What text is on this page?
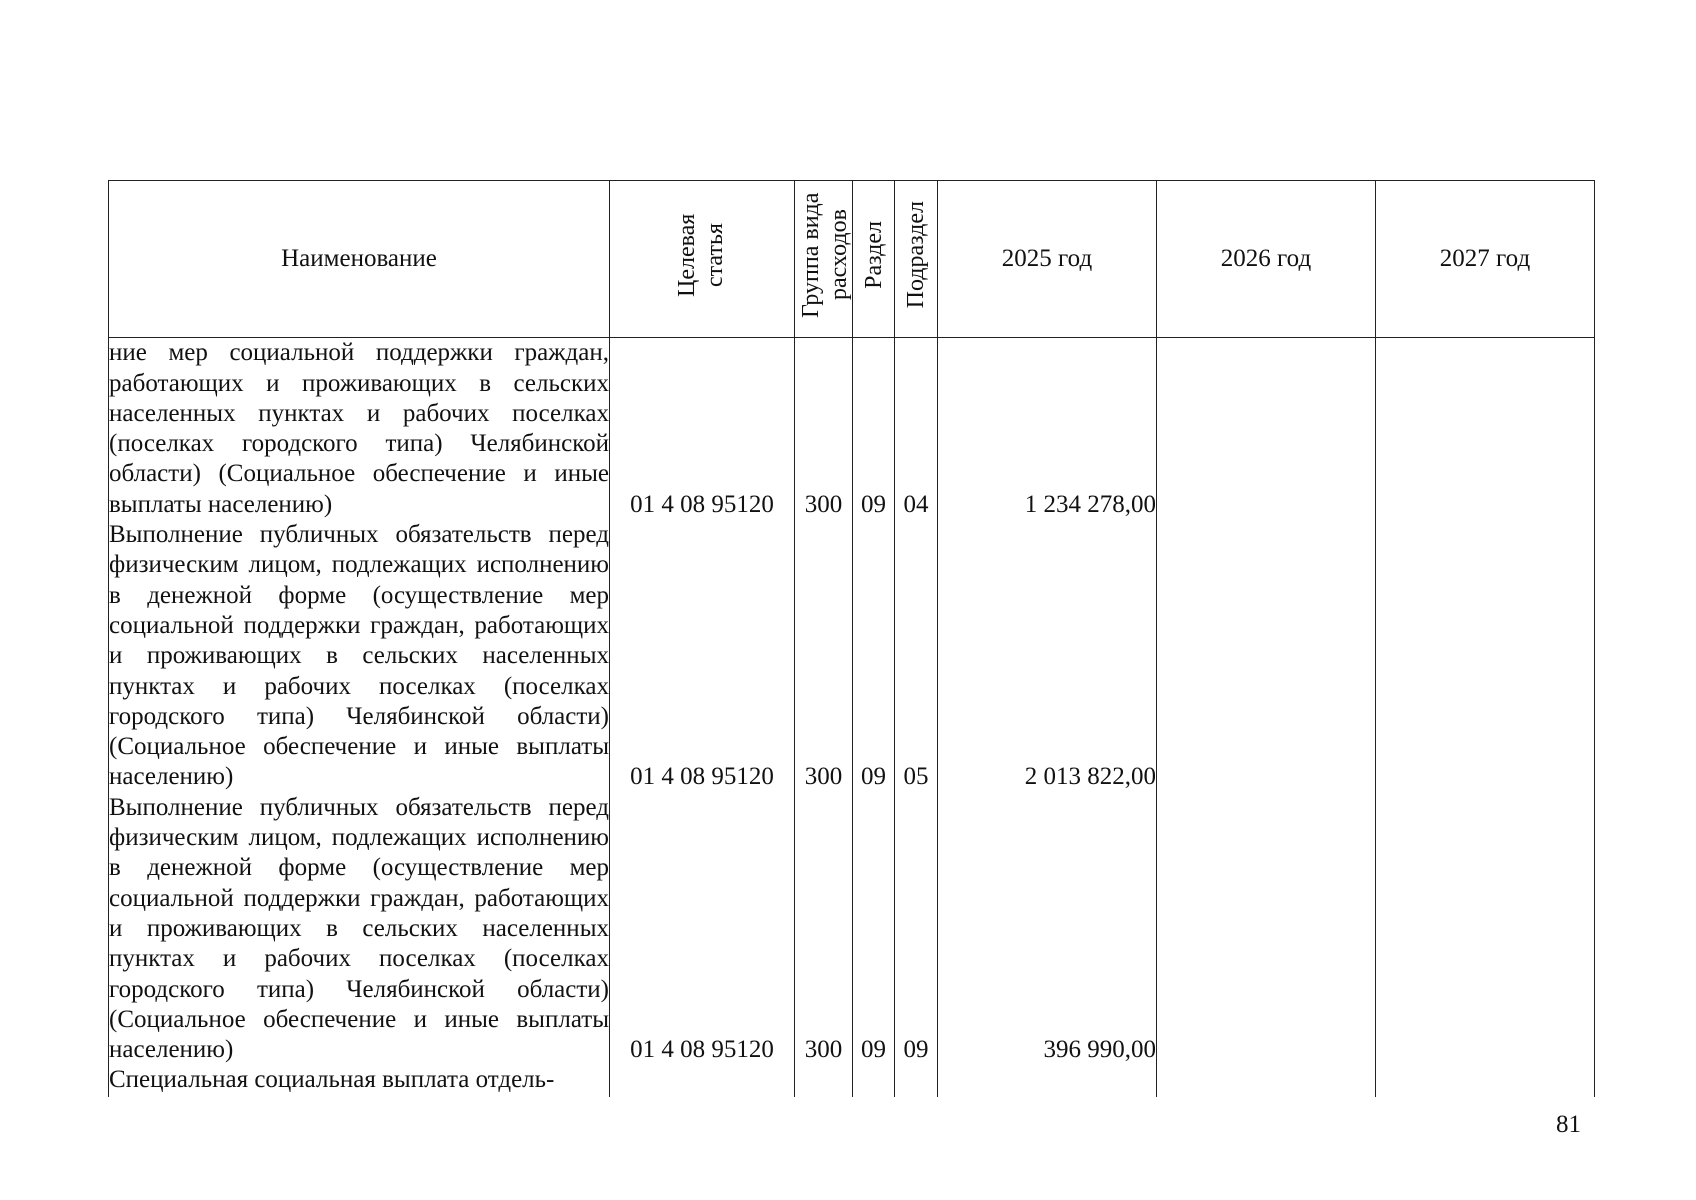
Наименование	Целевая статья	Группа вида расходов	Раздел	Подраздел	2025 год	2026 год	2027 год
ние мер социальной поддержки граждан, работающих и проживающих в сельских населенных пунктах и рабочих поселках (поселках городского типа) Челябинской области) (Социальное обеспечение и иные выплаты населению)	01 4 08 95120	300	09	04	1 234 278,00		
Выполнение публичных обязательств перед физическим лицом, подлежащих исполнению в денежной форме (осуществление мер социальной поддержки граждан, работающих и проживающих в сельских населенных пунктах и рабочих поселках (поселках городского типа) Челябинской области) (Социальное обеспечение и иные выплаты населению)	01 4 08 95120	300	09	05	2 013 822,00		
Выполнение публичных обязательств перед физическим лицом, подлежащих исполнению в денежной форме (осуществление мер социальной поддержки граждан, работающих и проживающих в сельских населенных пунктах и рабочих поселках (поселках городского типа) Челябинской области) (Социальное обеспечение и иные выплаты населению)	01 4 08 95120	300	09	09	396 990,00		
Специальная социальная выплата отдель-							
81
